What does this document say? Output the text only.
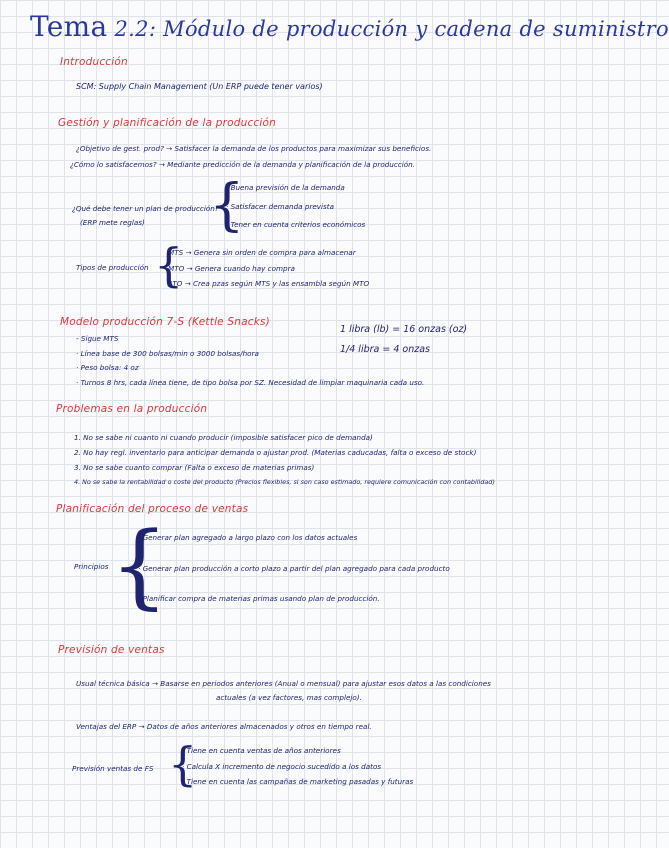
Tema 2.2: Módulo de producción y cadena de suministro
Introducción
SCM: Supply Chain Management (Un ERP puede tener varios)
Gestión y planificación de la producción
¿Objetivo de gest. prod? → Satisfacer la demanda de los productos para maximizar sus beneficios.
¿Cómo lo satisfacemos? → Mediante predicción de la demanda y planificación de la producción.
¿Qué debe tener un plan de producción?
(ERP mete reglas) {
· Buena previsión de la demanda
· Satisfacer demanda prevista
· Tener en cuenta criterios económicos
Tipos de producción {
MTS → Genera sin orden de compra para almacenar
MTO → Genera cuando hay compra
ATO → Crea pzas según MTS y las ensambla según MTO
Modelo producción 7-S (Kettle Snacks)
- Sigue MTS
· Línea base de 300 bolsas/min o 3000 bolsas/hora
· Peso bolsa: 4 oz
· Turnos 8 hrs, cada línea tiene, de tipo bolsa por SZ. Necesidad de limpiar maquinaria cada uso.
1 libra (lb) = 16 onzas (oz)
1/4 libra = 4 onzas
Problemas en la producción
1. No se sabe ni cuanto ni cuando producir (imposible satisfacer pico de demanda)
2. No hay regl. inventario para anticipar demanda o ajustar prod. (Materias caducadas, falta o exceso de stock)
3. No se sabe cuanto comprar (Falta o exceso de materias primas)
4. No se sabe la rentabilidad o coste del producto (Precios flexibles, si son caso estimado, requiere comunicación con contabilidad)
Planificación del proceso de ventas
Principios {
· Generar plan agregado a largo plazo con los datos actuales
· Generar plan producción a corto plazo a partir del plan agregado para cada producto
· Planificar compra de materias primas usando plan de producción.
Previsión de ventas
Usual técnica básica → Basarse en periodos anteriores (Anual o mensual) para ajustar esos datos a las condiciones
actuales (a vez factores, mas complejo).
Ventajas del ERP → Datos de años anteriores almacenados y otros en tiempo real.
Previsión ventas de FS {
· Tiene en cuenta ventas de años anteriores
· Calcula X incremento de negocio sucedido a los datos
· Tiene en cuenta las campañas de marketing pasadas y futuras
